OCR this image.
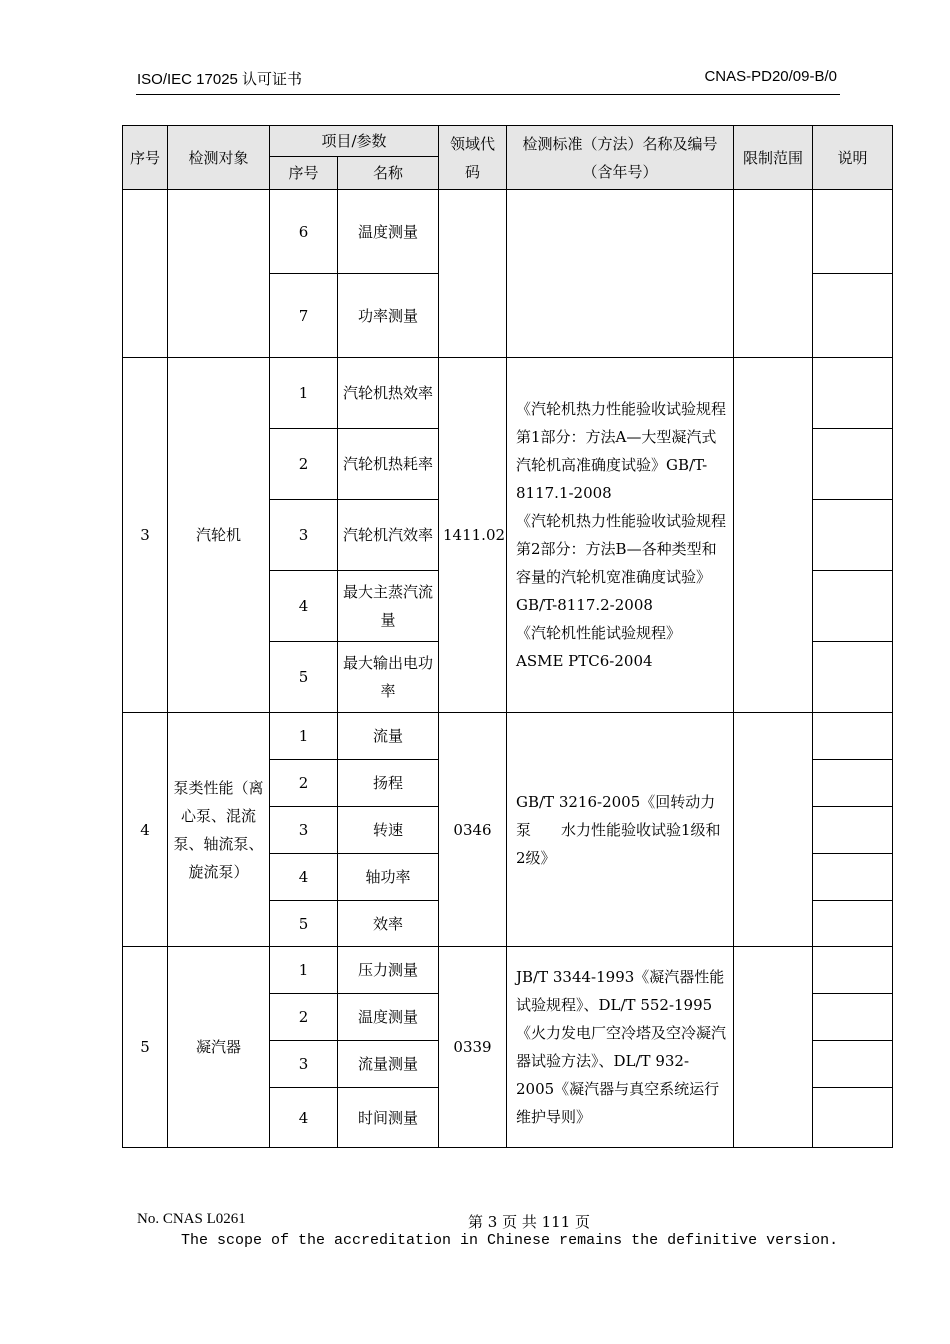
ISO/IEC 17025 认可证书	CNAS-PD20/09-B/0
序号	检测对象	项目/参数		领域代码	检测标准（方法）名称及编号（含年号）	限制范围	说明
		序号	名称				
		6	温度测量				
		7	功率测量				
3	汽轮机	1	汽轮机热效率	1411.02	《汽轮机热力性能验收试验规程 第1部分：方法A—大型凝汽式汽轮机高准确度试验》GB/T-8117.1-2008

《汽轮机热力性能验收试验规程 第2部分：方法B—各种类型和容量的汽轮机宽准确度试验》GB/T-8117.2-2008

《汽轮机性能试验规程》ASME PTC6-2004		

		2	汽轮机热耗率				
		3	汽轮机汽效率				
		4	最大主蒸汽流量				
		5	最大输出电功率				
4	泵类性能（离心泵、混流泵、轴流泵、旋流泵）	1	流量	0346	GB/T 3216-2005《回转动力泵　　水力性能验收试验1级和2级》		

		2	扬程				
		3	转速				
		4	轴功率				
		5	效率				
5	凝汽器	1	压力测量	0339	JB/T 3344-1993《凝汽器性能试验规程》、DL/T 552-1995《火力发电厂空冷塔及空冷凝汽器试验方法》、DL/T 932-2005《凝汽器与真空系统运行维护导则》		

		2	温度测量				
		3	流量测量				
		4	时间测量				
No. CNAS L0261	第 3 页 共 111 页
The scope of the accreditation in Chinese remains the definitive version.
